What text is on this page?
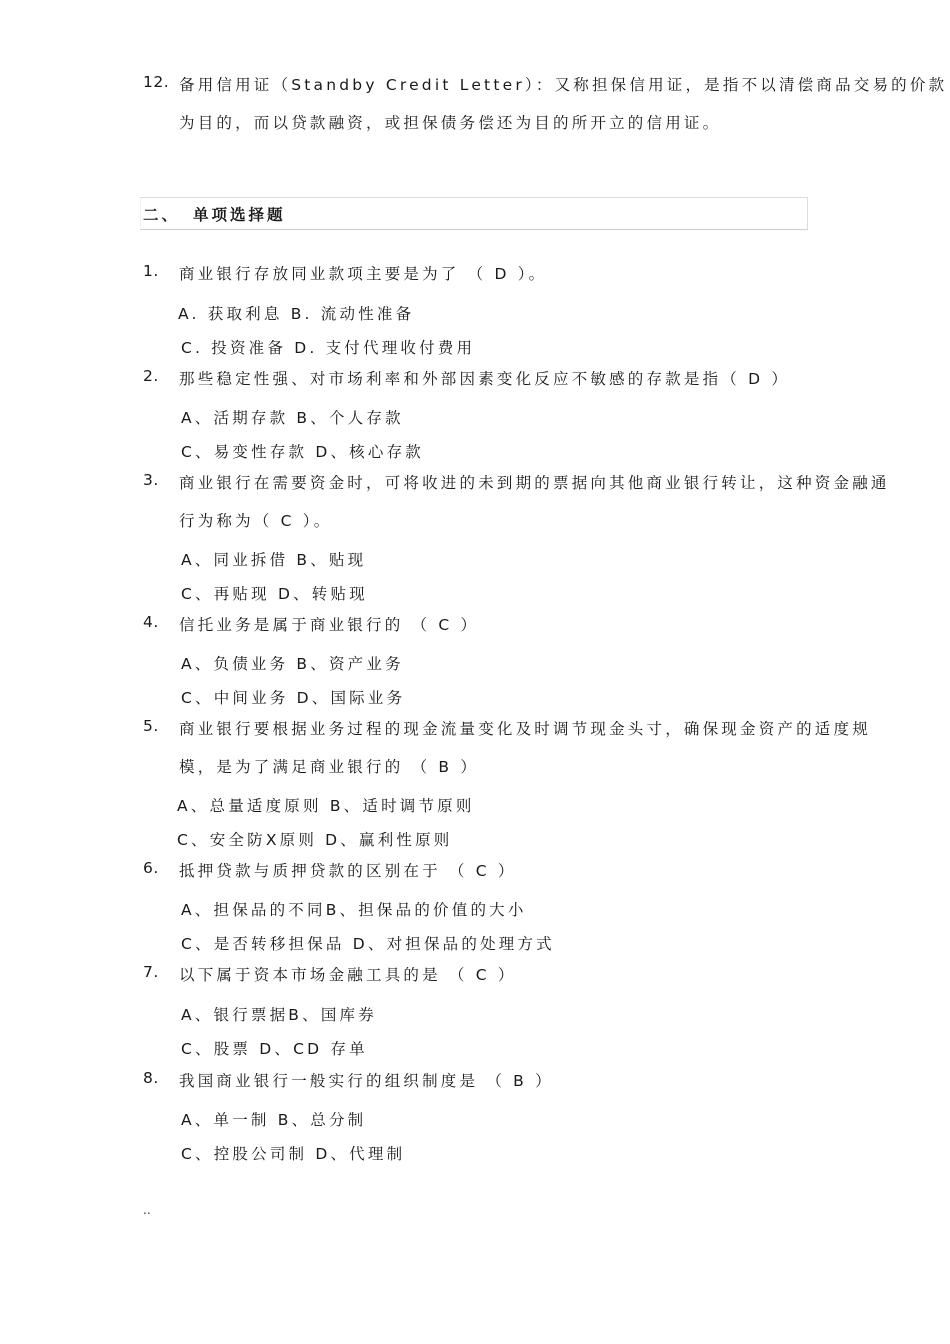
12. 备用信用证（Standby Credit Letter）：又称担保信用证，是指不以清偿商品交易的价款
为目的，而以贷款融资，或担保债务偿还为目的所开立的信用证。
二、 单项选择题
1. 商业银行存放同业款项主要是为了 （ D ）。
A. 获取利息 B. 流动性准备
C. 投资准备 D. 支付代理收付费用
2. 那些稳定性强、对市场利率和外部因素变化反应不敏感的存款是指（ D ）
A、活期存款 B、个人存款
C、易变性存款 D、核心存款
3. 商业银行在需要资金时，可将收进的未到期的票据向其他商业银行转让，这种资金融通
行为称为（ C ）。
A、同业拆借 B、贴现
C、再贴现 D、转贴现
4. 信托业务是属于商业银行的 （ C ）
A、负债业务 B、资产业务
C、中间业务 D、国际业务
5. 商业银行要根据业务过程的现金流量变化及时调节现金头寸，确保现金资产的适度规
模，是为了满足商业银行的 （ B ）
A、总量适度原则 B、适时调节原则
C、安全防X原则 D、赢利性原则
6. 抵押贷款与质押贷款的区别在于 （ C ）
A、担保品的不同B、担保品的价值的大小
C、是否转移担保品 D、对担保品的处理方式
7. 以下属于资本市场金融工具的是 （ C ）
A、银行票据B、国库券
C、股票 D、CD 存单
8. 我国商业银行一般实行的组织制度是 （ B ）
A、单一制 B、总分制
C、控股公司制 D、代理制
..
